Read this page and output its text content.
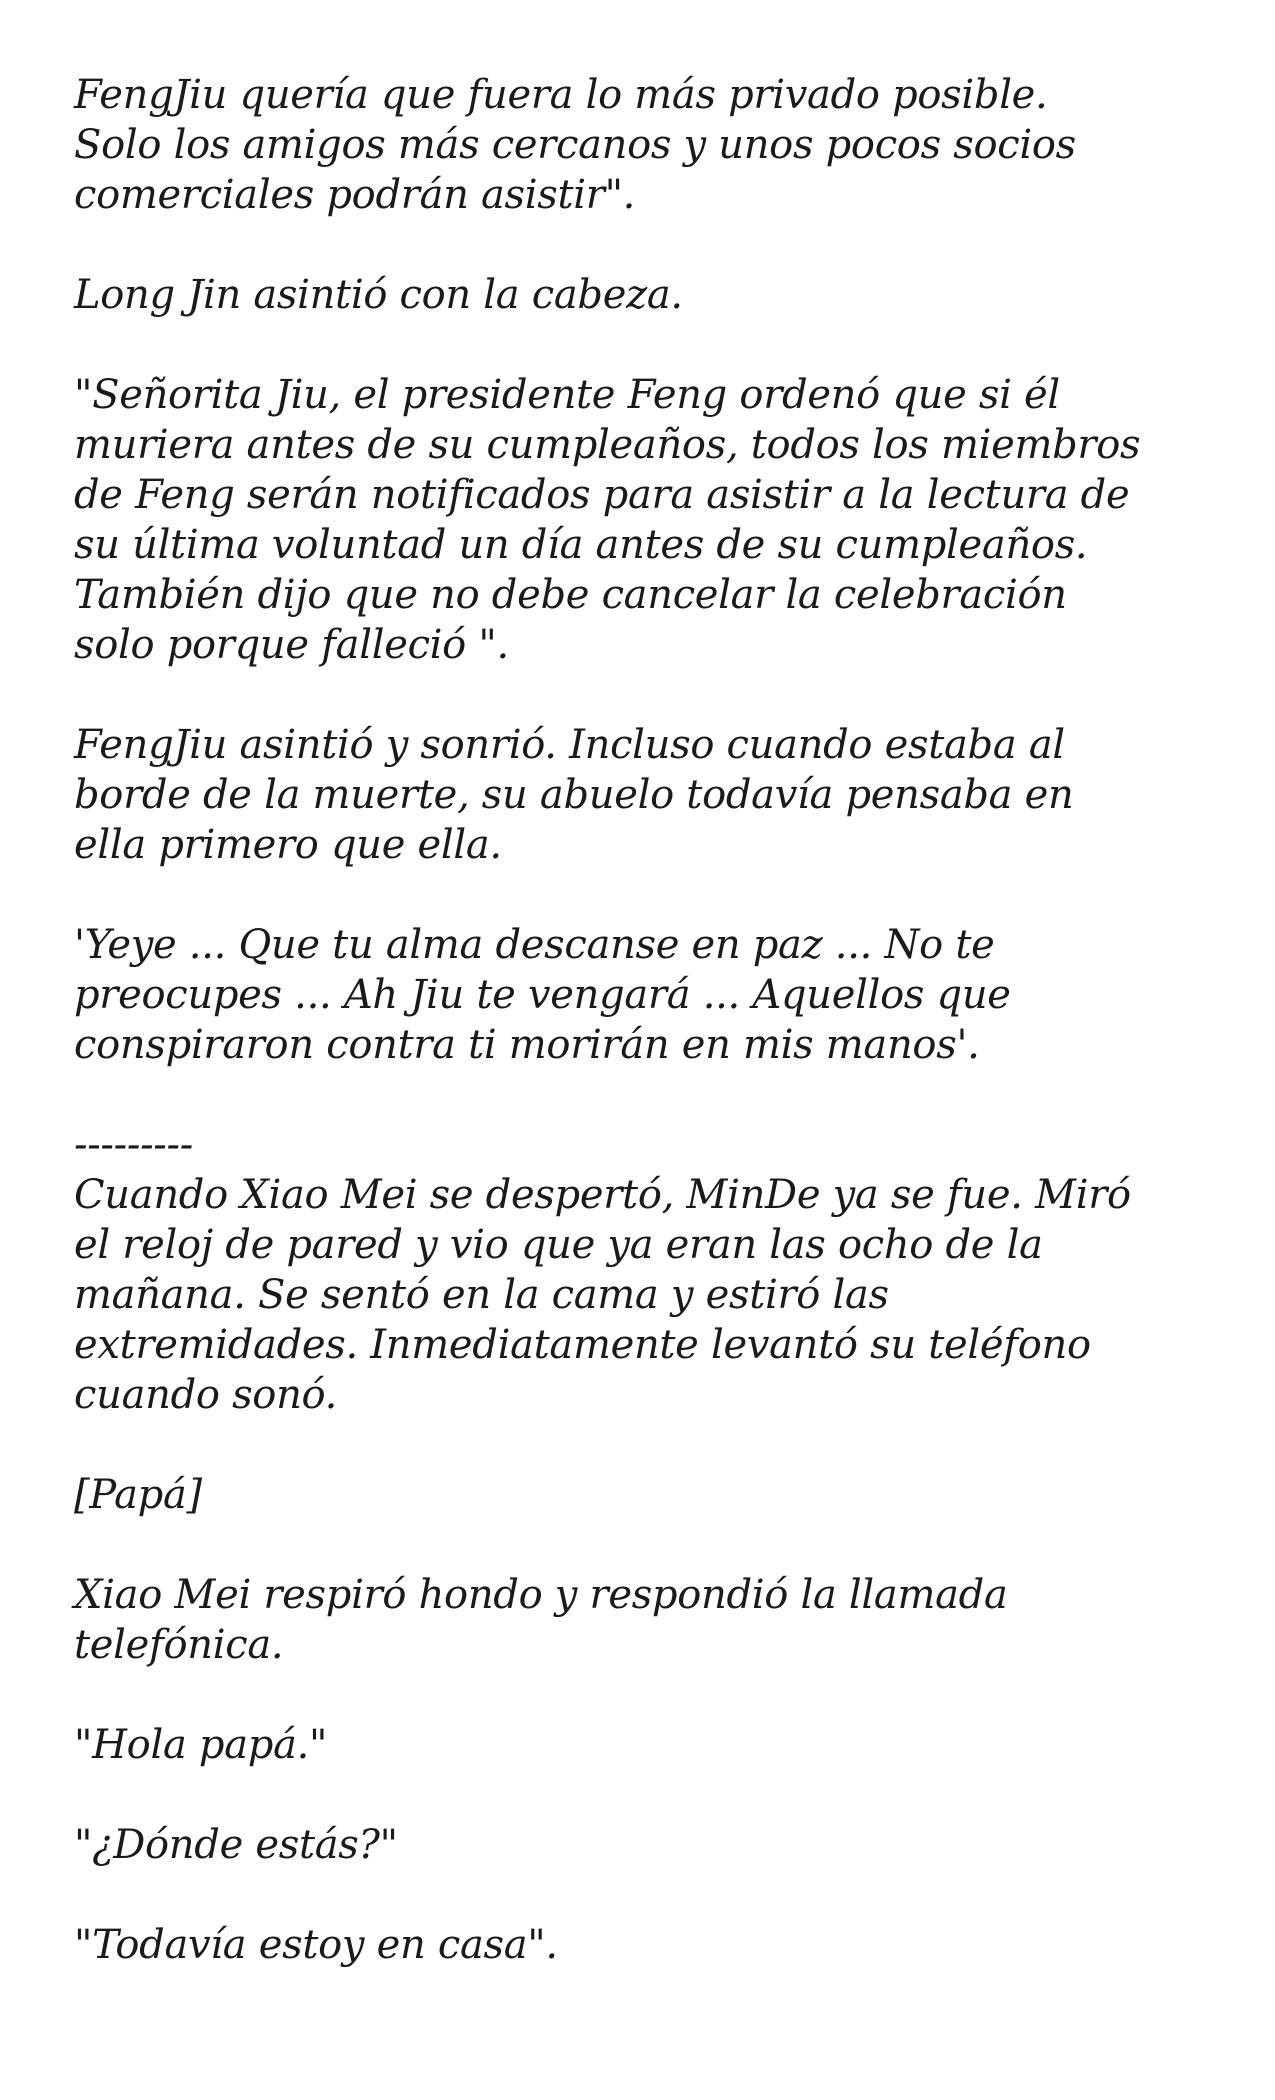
FengJiu quería que fuera lo más privado posible.
Solo los amigos más cercanos y unos pocos socios
comerciales podrán asistir".
Long Jin asintió con la cabeza.
"Señorita Jiu, el presidente Feng ordenó que si él
muriera antes de su cumpleaños, todos los miembros
de Feng serán notificados para asistir a la lectura de
su última voluntad un día antes de su cumpleaños.
También dijo que no debe cancelar la celebración
solo porque falleció ".
FengJiu asintió y sonrió. Incluso cuando estaba al
borde de la muerte, su abuelo todavía pensaba en
ella primero que ella.
'Yeye ... Que tu alma descanse en paz ... No te
preocupes ... Ah Jiu te vengará ... Aquellos que
conspiraron contra ti morirán en mis manos'.
---------
Cuando Xiao Mei se despertó, MinDe ya se fue. Miró
el reloj de pared y vio que ya eran las ocho de la
mañana. Se sentó en la cama y estiró las
extremidades. Inmediatamente levantó su teléfono
cuando sonó.
[Papá]
Xiao Mei respiró hondo y respondió la llamada
telefónica.
"Hola papá."
"¿Dónde estás?"
"Todavía estoy en casa".
